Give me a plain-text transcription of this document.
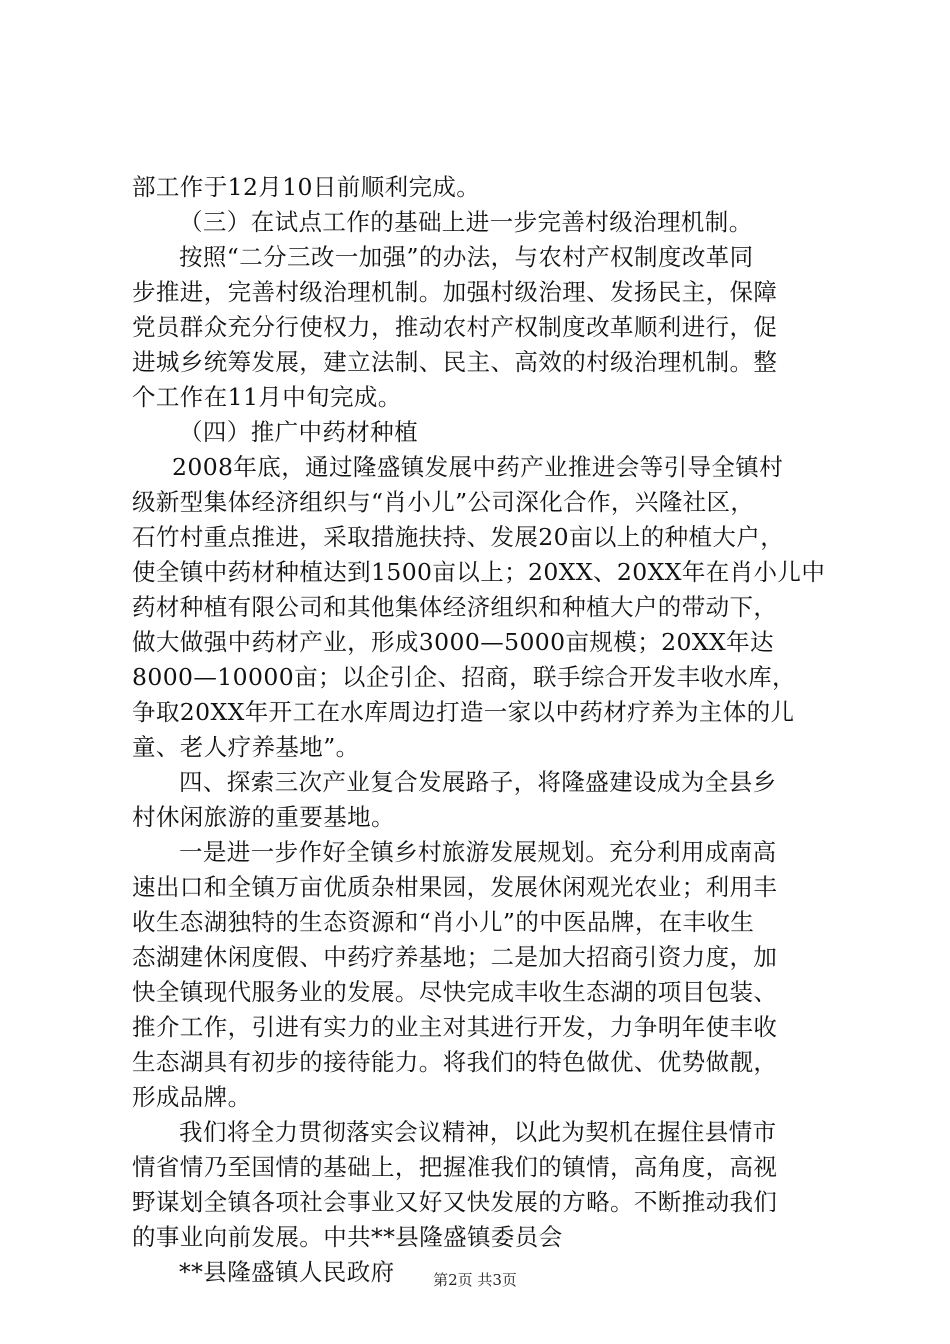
部工作于12月10日前顺利完成。
（三）在试点工作的基础上进一步完善村级治理机制。
按照“二分三改一加强”的办法，与农村产权制度改革同
步推进，完善村级治理机制。加强村级治理、发扬民主，保障
党员群众充分行使权力，推动农村产权制度改革顺利进行，促
进城乡统筹发展，建立法制、民主、高效的村级治理机制。整
个工作在11月中旬完成。
（四）推广中药材种植
2008年底，通过隆盛镇发展中药产业推进会等引导全镇村
级新型集体经济组织与“肖小儿”公司深化合作，兴隆社区，
石竹村重点推进，采取措施扶持、发展20亩以上的种植大户，
使全镇中药材种植达到1500亩以上；20XX、20XX年在肖小儿中
药材种植有限公司和其他集体经济组织和种植大户的带动下，
做大做强中药材产业，形成3000—5000亩规模；20XX年达
8000—10000亩；以企引企、招商，联手综合开发丰收水库，
争取20XX年开工在水库周边打造一家以中药材疗养为主体的儿
童、老人疗养基地”。
四、探索三次产业复合发展路子，将隆盛建设成为全县乡
村休闲旅游的重要基地。
一是进一步作好全镇乡村旅游发展规划。充分利用成南高
速出口和全镇万亩优质杂柑果园，发展休闲观光农业；利用丰
收生态湖独特的生态资源和“肖小儿”的中医品牌，在丰收生
态湖建休闲度假、中药疗养基地；二是加大招商引资力度，加
快全镇现代服务业的发展。尽快完成丰收生态湖的项目包装、
推介工作，引进有实力的业主对其进行开发，力争明年使丰收
生态湖具有初步的接待能力。将我们的特色做优、优势做靓，
形成品牌。
我们将全力贯彻落实会议精神，以此为契机在握住县情市
情省情乃至国情的基础上，把握准我们的镇情，高角度，高视
野谋划全镇各项社会事业又好又快发展的方略。不断推动我们
的事业向前发展。中共**县隆盛镇委员会
**县隆盛镇人民政府	第2页 共3页
